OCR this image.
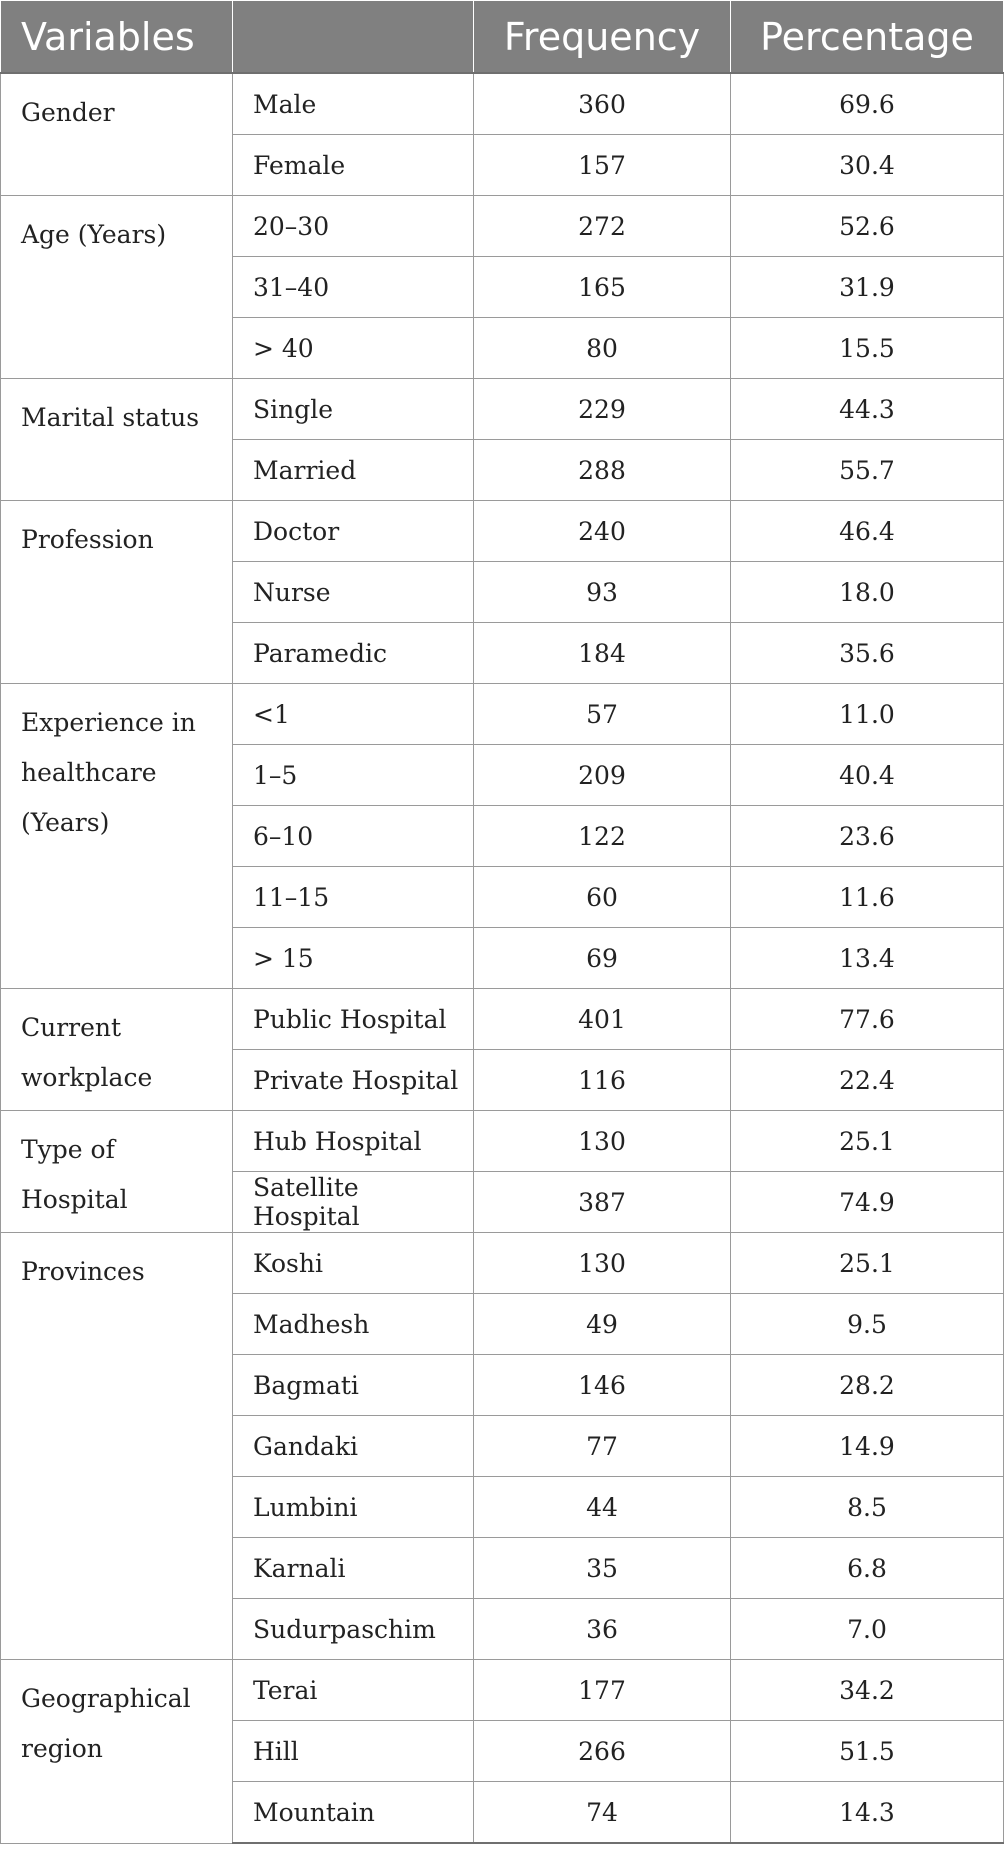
Variables		Frequency	Percentage
Gender	Male	360	69.6
	Female	157	30.4
Age (Years)	20–30	272	52.6
	31–40	165	31.9
	> 40	80	15.5
Marital status	Single	229	44.3
	Married	288	55.7
Profession	Doctor	240	46.4
	Nurse	93	18.0
	Paramedic	184	35.6
Experience in healthcare (Years)	<1	57	11.0
	1–5	209	40.4
	6–10	122	23.6
	11–15	60	11.6
	> 15	69	13.4
Current workplace	Public Hospital	401	77.6
	Private Hospital	116	22.4
Type of Hospital	Hub Hospital	130	25.1
	Satellite Hospital	387	74.9
Provinces	Koshi	130	25.1
	Madhesh	49	9.5
	Bagmati	146	28.2
	Gandaki	77	14.9
	Lumbini	44	8.5
	Karnali	35	6.8
	Sudurpaschim	36	7.0
Geographical region	Terai	177	34.2
	Hill	266	51.5
	Mountain	74	14.3
